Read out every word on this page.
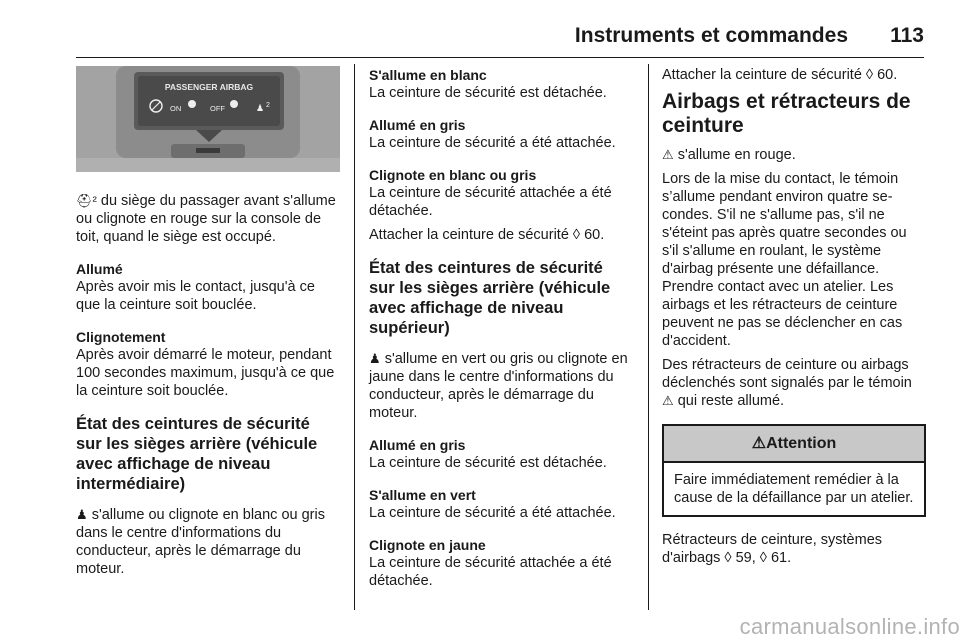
Instruments et commandes 113
PASSENGER AIRBAG
ON	OFF	♟ 2

⛑² du siège du passager avant s'allume ou clignote en rouge sur la console de toit, quand le siège est occupé.

Allumé

Après avoir mis le contact, jusqu'à ce que la ceinture soit bouclée.

Clignotement

Après avoir démarré le moteur, pendant 100 secondes maximum, jusqu'à ce que la ceinture soit bouclée.

État des ceintures de sécurité sur les sièges arrière (véhicule avec affichage de niveau intermédiaire)

♟ s'allume ou clignote en blanc ou gris dans le centre d'informations du conducteur, après le démarrage du moteur.

S'allume en blanc

La ceinture de sécurité est détachée.

Allumé en gris

La ceinture de sécurité a été attachée.

Clignote en blanc ou gris

La ceinture de sécurité attachée a été détachée.

Attacher la ceinture de sécurité ◊ 60.

État des ceintures de sécurité sur les sièges arrière (véhicule avec affichage de niveau supérieur)

♟ s'allume en vert ou gris ou clignote en jaune dans le centre d'informations du conducteur, après le démarrage du moteur.

Allumé en gris

La ceinture de sécurité est détachée.

S'allume en vert

La ceinture de sécurité a été attachée.

Clignote en jaune

La ceinture de sécurité attachée a été détachée.

Attacher la ceinture de sécurité ◊ 60.

Airbags et rétracteurs de ceinture

⚠ s'allume en rouge.

Lors de la mise du contact, le témoin s’allume pendant environ quatre secondes. S'il ne s'allume pas, s'il ne s'éteint pas après quatre secondes ou s'il s'allume en roulant, le système d'airbag présente une défaillance. Prendre contact avec un atelier. Les airbags et les rétracteurs de ceinture peuvent ne pas se déclencher en cas d'accident.

Des rétracteurs de ceinture ou airbags déclenchés sont signalés par le témoin ⚠ qui reste allumé.

⚠Attention
Faire immédiatement remédier à la cause de la défaillance par un atelier.

Rétracteurs de ceinture, systèmes d'airbags ◊ 59, ◊ 61.

carmanualsonline.info
